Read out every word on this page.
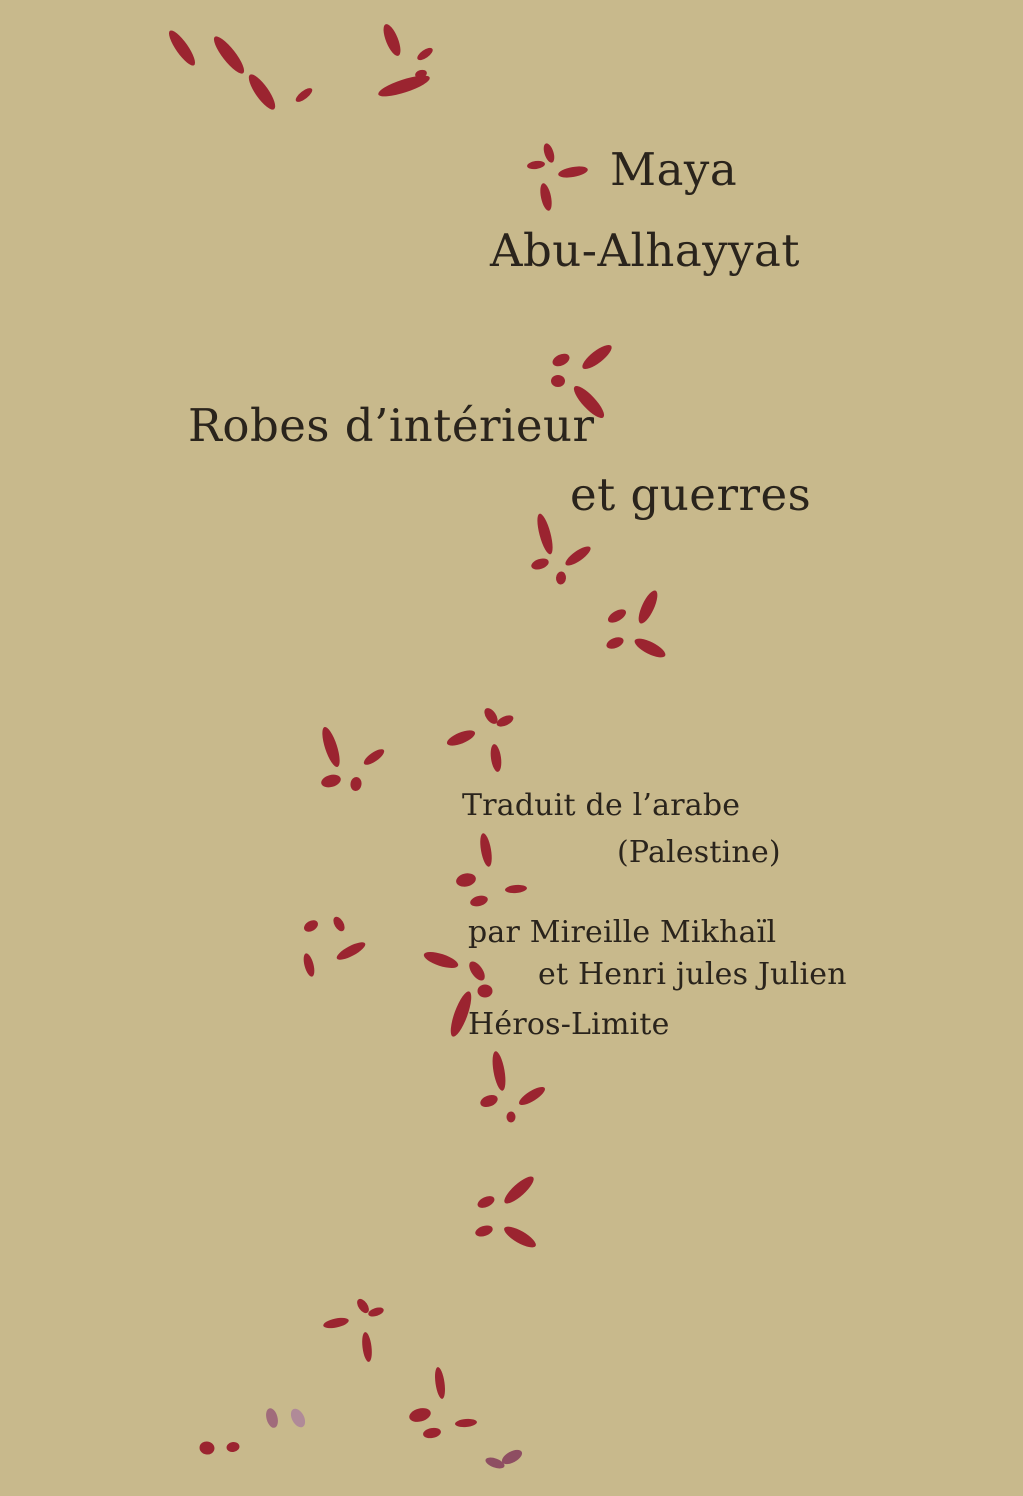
Maya
Abu-Alhayyat
Robes d’intérieur
et guerres
Traduit de l’arabe
(Palestine)
par Mireille Mikhaïl
et Henri jules Julien
Héros-Limite
